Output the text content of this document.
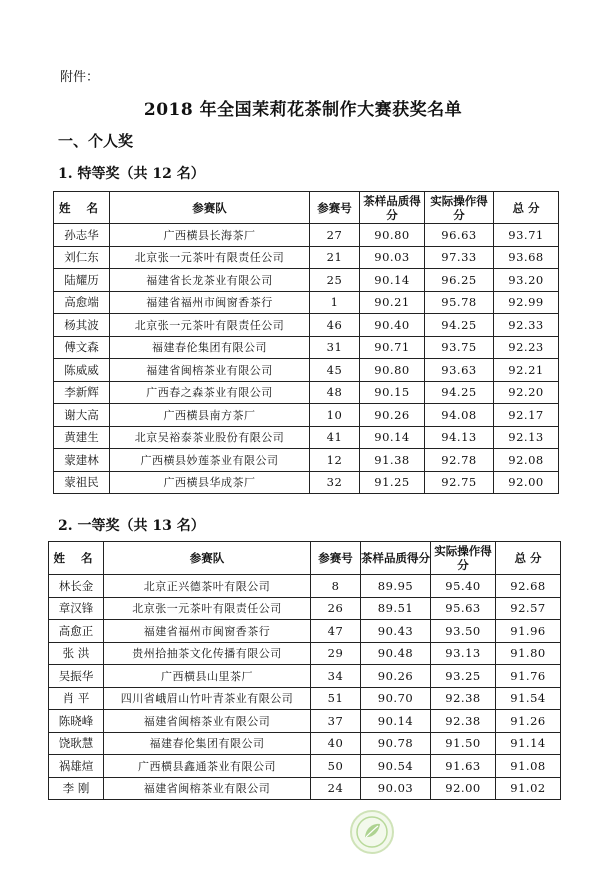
附件：
2018 年全国茉莉花茶制作大赛获奖名单
一、个人奖
1. 特等奖（共 12 名）
姓 名	参赛队	参赛号	茶样品质得分	实际操作得分	总 分
孙志华	广西横县长海茶厂	27	90.80	96.63	93.71
刘仁东	北京张一元茶叶有限责任公司	21	90.03	97.33	93.68
陆耀历	福建省长龙茶业有限公司	25	90.14	96.25	93.20
高愈端	福建省福州市闽窗香茶行	1	90.21	95.78	92.99
杨其波	北京张一元茶叶有限责任公司	46	90.40	94.25	92.33
傅文森	福建春伦集团有限公司	31	90.71	93.75	92.23
陈威威	福建省闽榕茶业有限公司	45	90.80	93.63	92.21
李新辉	广西春之森茶业有限公司	48	90.15	94.25	92.20
谢大高	广西横县南方茶厂	10	90.26	94.08	92.17
黄建生	北京吴裕泰茶业股份有限公司	41	90.14	94.13	92.13
蒙建林	广西横县妙莲茶业有限公司	12	91.38	92.78	92.08
蒙祖民	广西横县华成茶厂	32	91.25	92.75	92.00
2. 一等奖（共 13 名）
姓 名	参赛队	参赛号	茶样品质得分	实际操作得分	总 分
林长金	北京正兴德茶叶有限公司	8	89.95	95.40	92.68
章汉锋	北京张一元茶叶有限责任公司	26	89.51	95.63	92.57
高愈正	福建省福州市闽窗香茶行	47	90.43	93.50	91.96
张 洪	贵州拾抽茶文化传播有限公司	29	90.48	93.13	91.80
吴振华	广西横县山里茶厂	34	90.26	93.25	91.76
肖 平	四川省峨眉山竹叶青茶业有限公司	51	90.70	92.38	91.54
陈晓峰	福建省闽榕茶业有限公司	37	90.14	92.38	91.26
饶耿慧	福建春伦集团有限公司	40	90.78	91.50	91.14
祸雄煊	广西横县鑫通茶业有限公司	50	90.54	91.63	91.08
李 刚	福建省闽榕茶业有限公司	24	90.03	92.00	91.02
